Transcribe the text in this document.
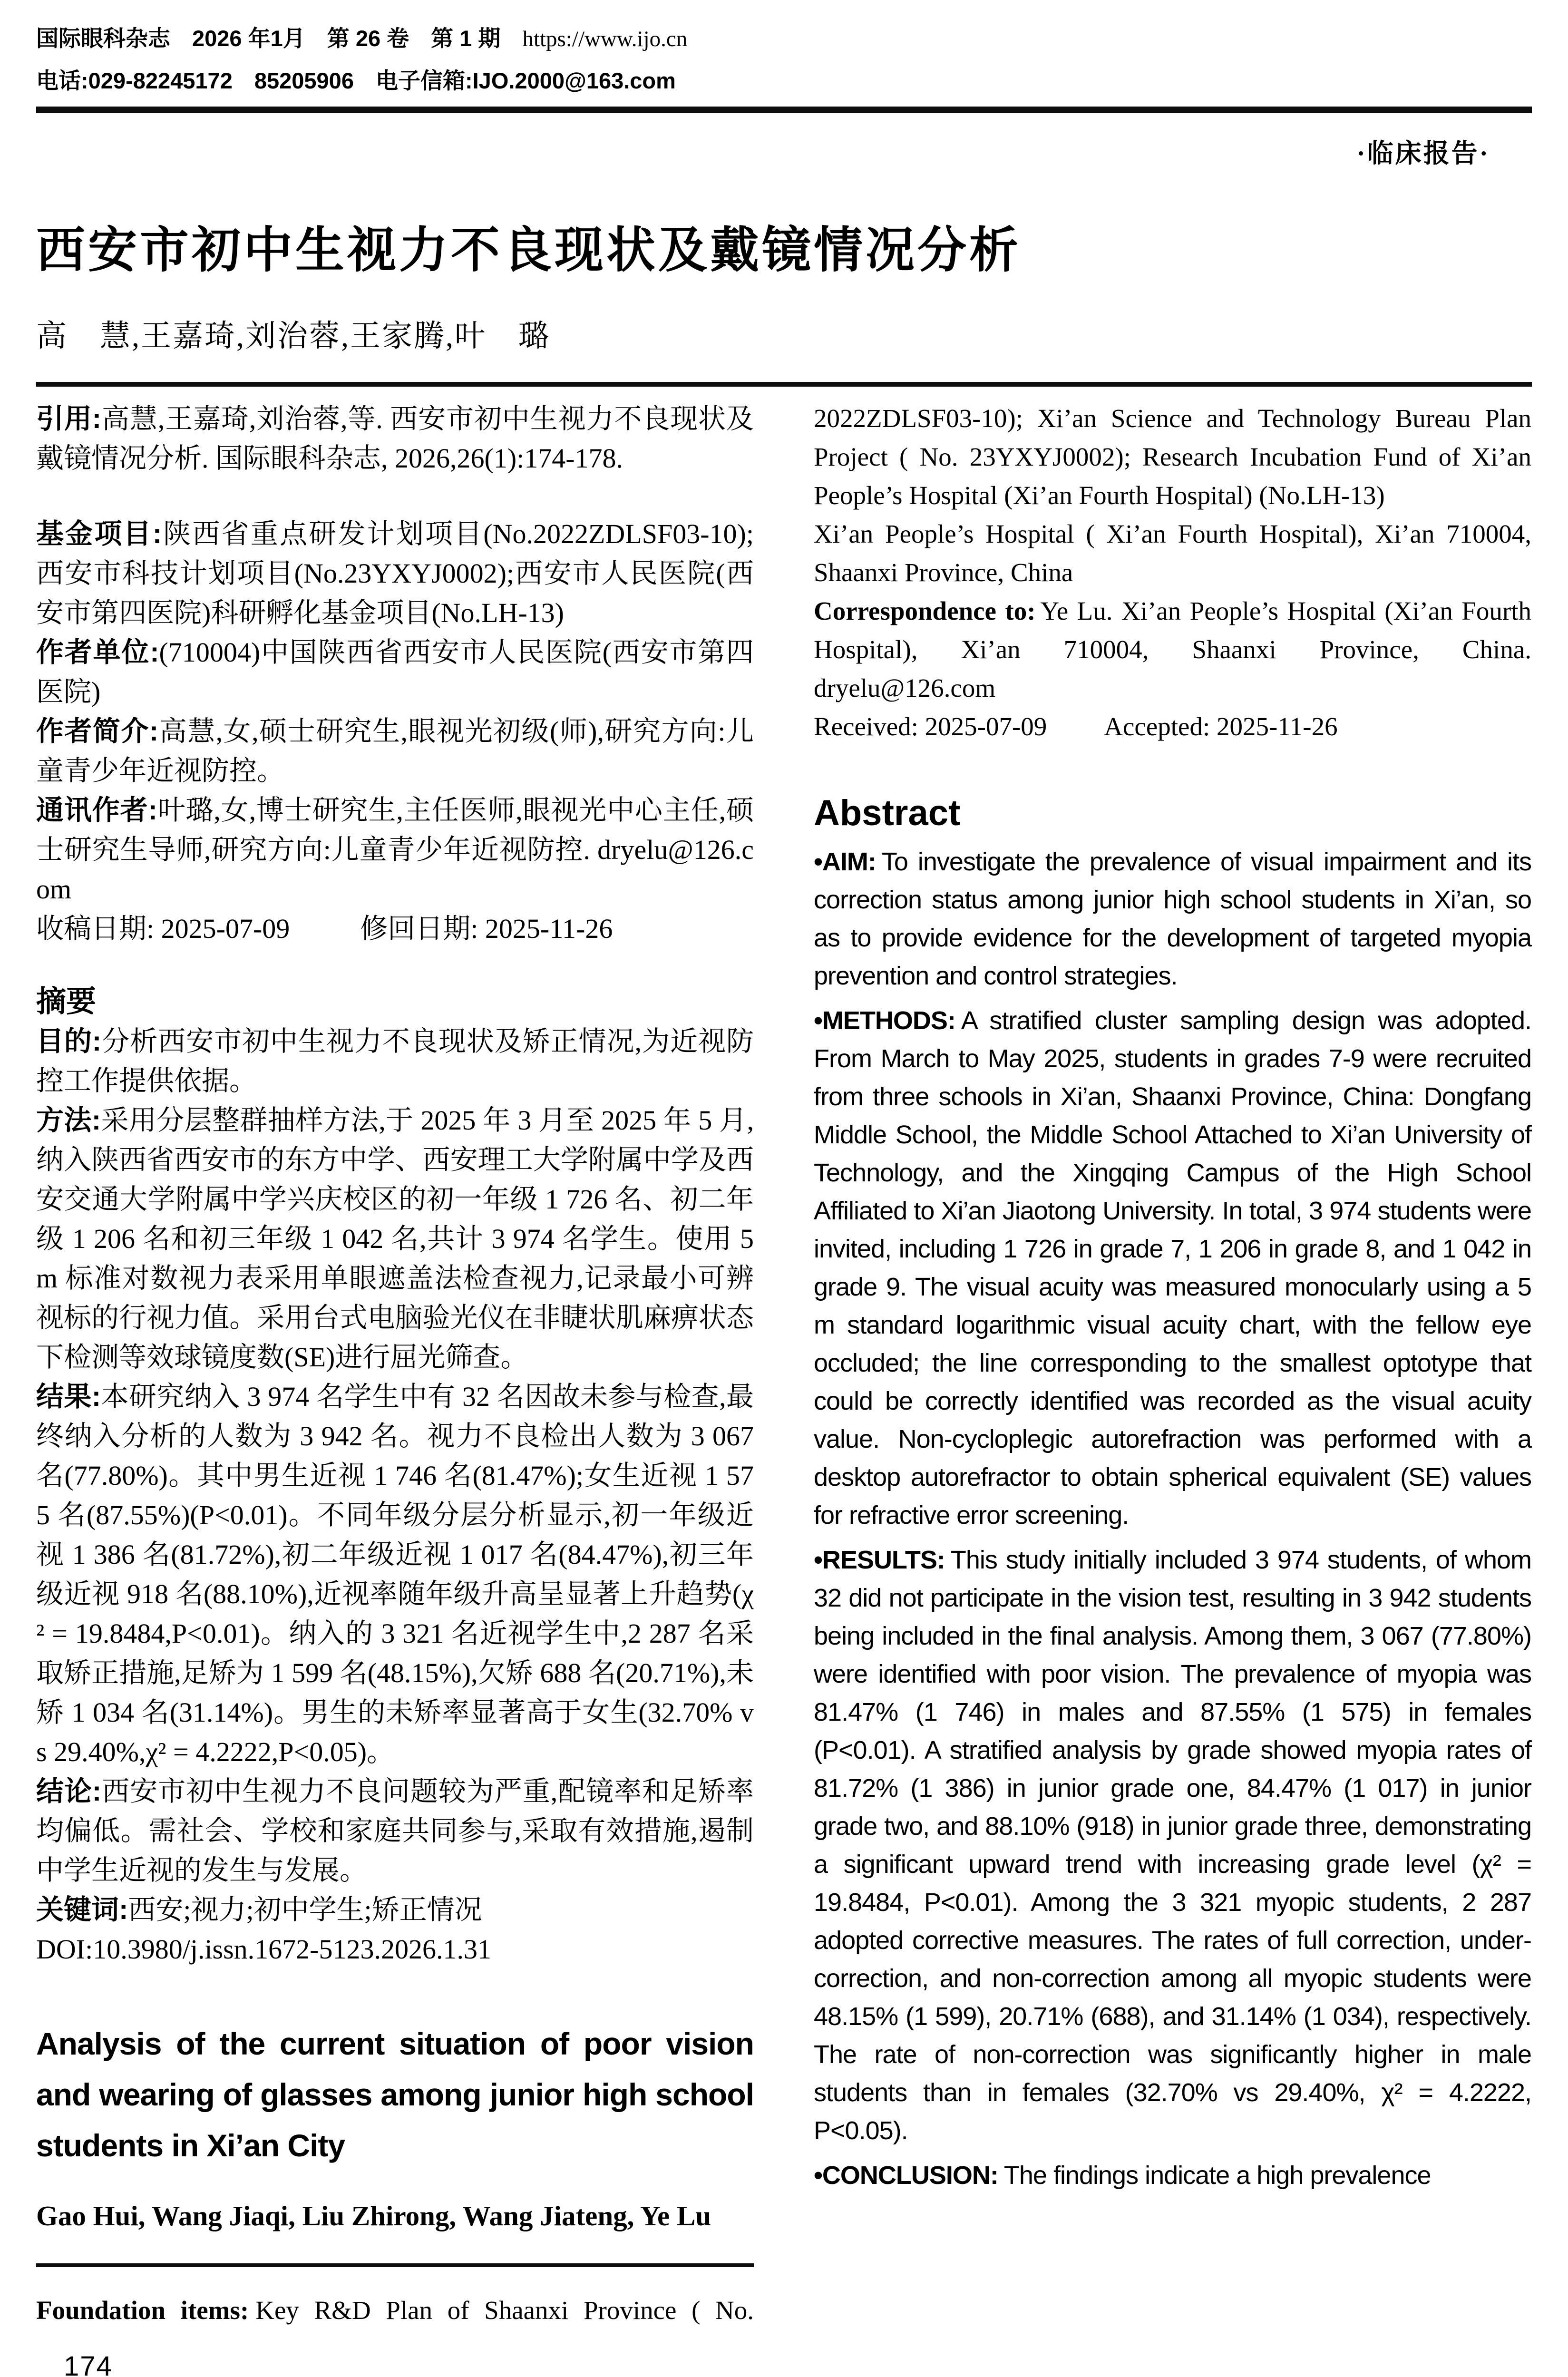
国际眼科杂志 2026 年1月 第 26 卷 第 1 期 https://www.ijo.cn
电话:029-82245172 85205906 电子信箱:IJO.2000@163.com
·临床报告·
西安市初中生视力不良现状及戴镜情况分析
高　慧,王嘉琦,刘治蓉,王家腾,叶　璐

引用:高慧,王嘉琦,刘治蓉,等. 西安市初中生视力不良现状及戴镜情况分析. 国际眼科杂志, 2026,26(1):174-178.

基金项目:陕西省重点研发计划项目(No.2022ZDLSF03-10);西安市科技计划项目(No.23YXYJ0002);西安市人民医院(西安市第四医院)科研孵化基金项目(No.LH-13)

作者单位:(710004)中国陕西省西安市人民医院(西安市第四医院)

作者简介:高慧,女,硕士研究生,眼视光初级(师),研究方向:儿童青少年近视防控。

通讯作者:叶璐,女,博士研究生,主任医师,眼视光中心主任,硕士研究生导师,研究方向:儿童青少年近视防控. dryelu@126.com

收稿日期: 2025-07-09	修回日期: 2025-11-26

摘要

目的:分析西安市初中生视力不良现状及矫正情况,为近视防控工作提供依据。

方法:采用分层整群抽样方法,于 2025 年 3 月至 2025 年 5 月,纳入陕西省西安市的东方中学、西安理工大学附属中学及西安交通大学附属中学兴庆校区的初一年级 1 726 名、初二年级 1 206 名和初三年级 1 042 名,共计 3 974 名学生。使用 5 m 标准对数视力表采用单眼遮盖法检查视力,记录最小可辨视标的行视力值。采用台式电脑验光仪在非睫状肌麻痹状态下检测等效球镜度数(SE)进行屈光筛查。

结果:本研究纳入 3 974 名学生中有 32 名因故未参与检查,最终纳入分析的人数为 3 942 名。视力不良检出人数为 3 067 名(77.80%)。其中男生近视 1 746 名(81.47%);女生近视 1 575 名(87.55%)(P<0.01)。不同年级分层分析显示,初一年级近视 1 386 名(81.72%),初二年级近视 1 017 名(84.47%),初三年级近视 918 名(88.10%),近视率随年级升高呈显著上升趋势(χ² = 19.8484,P<0.01)。纳入的 3 321 名近视学生中,2 287 名采取矫正措施,足矫为 1 599 名(48.15%),欠矫 688 名(20.71%),未矫 1 034 名(31.14%)。男生的未矫率显著高于女生(32.70% vs 29.40%,χ² = 4.2222,P<0.05)。

结论:西安市初中生视力不良问题较为严重,配镜率和足矫率均偏低。需社会、学校和家庭共同参与,采取有效措施,遏制中学生近视的发生与发展。

关键词:西安;视力;初中学生;矫正情况

DOI:10.3980/j.issn.1672-5123.2026.1.31

Analysis of the current situation of poor vision and wearing of glasses among junior high school students in Xi’an City
Gao Hui, Wang Jiaqi, Liu Zhirong, Wang Jiateng, Ye Lu

Foundation items: Key R&D Plan of Shaanxi Province ( No.

174

2022ZDLSF03-10); Xi’an Science and Technology Bureau Plan Project ( No. 23YXYJ0002); Research Incubation Fund of Xi’an People’s Hospital (Xi’an Fourth Hospital) (No.LH-13)

Xi’an People’s Hospital ( Xi’an Fourth Hospital), Xi’an 710004, Shaanxi Province, China

Correspondence to: Ye Lu. Xi’an People’s Hospital (Xi’an Fourth Hospital), Xi’an 710004, Shaanxi Province, China. dryelu@126.com

Received: 2025-07-09 Accepted: 2025-11-26

Abstract

•AIM: To investigate the prevalence of visual impairment and its correction status among junior high school students in Xi’an, so as to provide evidence for the development of targeted myopia prevention and control strategies.

•METHODS: A stratified cluster sampling design was adopted. From March to May 2025, students in grades 7-9 were recruited from three schools in Xi’an, Shaanxi Province, China: Dongfang Middle School, the Middle School Attached to Xi’an University of Technology, and the Xingqing Campus of the High School Affiliated to Xi’an Jiaotong University. In total, 3 974 students were invited, including 1 726 in grade 7, 1 206 in grade 8, and 1 042 in grade 9. The visual acuity was measured monocularly using a 5 m standard logarithmic visual acuity chart, with the fellow eye occluded; the line corresponding to the smallest optotype that could be correctly identified was recorded as the visual acuity value. Non-cycloplegic autorefraction was performed with a desktop autorefractor to obtain spherical equivalent (SE) values for refractive error screening.

•RESULTS: This study initially included 3 974 students, of whom 32 did not participate in the vision test, resulting in 3 942 students being included in the final analysis. Among them, 3 067 (77.80%) were identified with poor vision. The prevalence of myopia was 81.47% (1 746) in males and 87.55% (1 575) in females (P<0.01). A stratified analysis by grade showed myopia rates of 81.72% (1 386) in junior grade one, 84.47% (1 017) in junior grade two, and 88.10% (918) in junior grade three, demonstrating a significant upward trend with increasing grade level (χ² = 19.8484, P<0.01). Among the 3 321 myopic students, 2 287 adopted corrective measures. The rates of full correction, under-correction, and non-correction among all myopic students were 48.15% (1 599), 20.71% (688), and 31.14% (1 034), respectively. The rate of non-correction was significantly higher in male students than in females (32.70% vs 29.40%, χ² = 4.2222, P<0.05).

•CONCLUSION: The findings indicate a high prevalence
